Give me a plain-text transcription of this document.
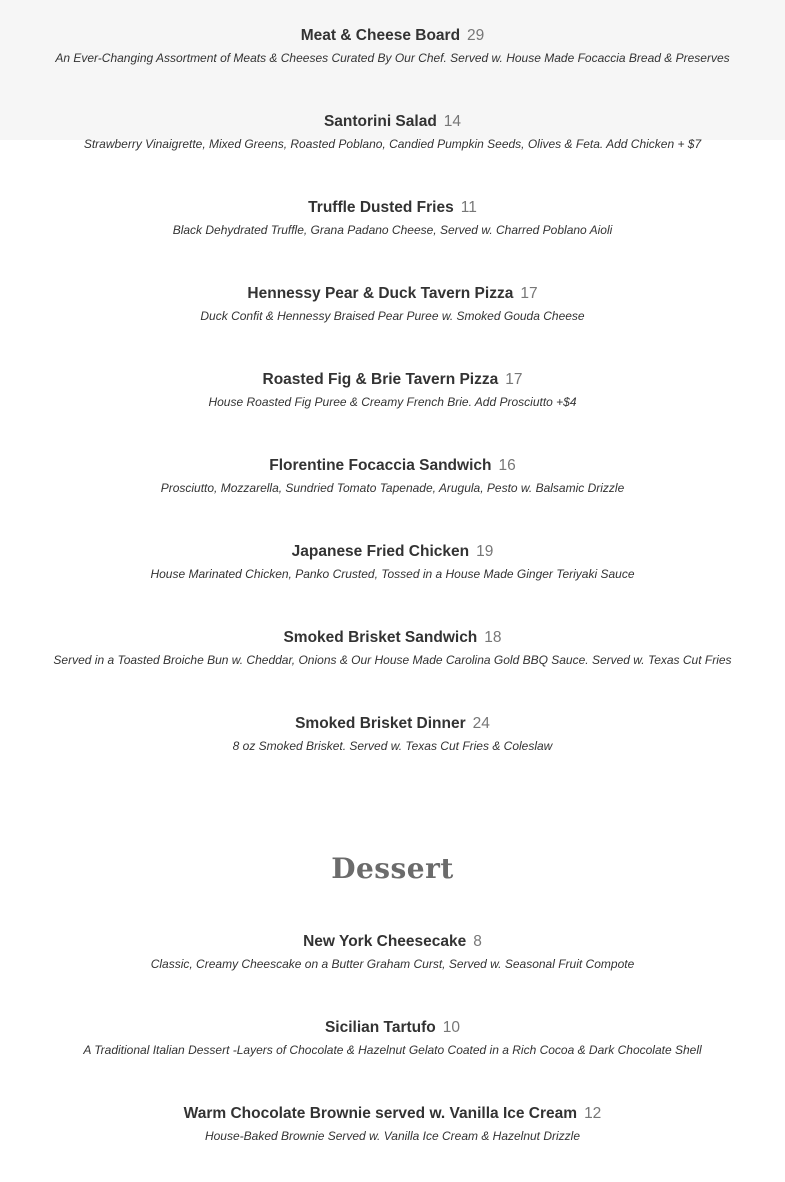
Meat & Cheese Board 29
An Ever-Changing Assortment of Meats & Cheeses Curated By Our Chef. Served w. House Made Focaccia Bread & Preserves
Santorini Salad 14
Strawberry Vinaigrette, Mixed Greens, Roasted Poblano, Candied Pumpkin Seeds, Olives & Feta. Add Chicken + $7
Truffle Dusted Fries 11
Black Dehydrated Truffle, Grana Padano Cheese, Served w. Charred Poblano Aioli
Hennessy Pear & Duck Tavern Pizza 17
Duck Confit & Hennessy Braised Pear Puree w. Smoked Gouda Cheese
Roasted Fig & Brie Tavern Pizza 17
House Roasted Fig Puree & Creamy French Brie. Add Prosciutto +$4
Florentine Focaccia Sandwich 16
Prosciutto, Mozzarella, Sundried Tomato Tapenade, Arugula, Pesto w. Balsamic Drizzle
Japanese Fried Chicken 19
House Marinated Chicken, Panko Crusted, Tossed in a House Made Ginger Teriyaki Sauce
Smoked Brisket Sandwich 18
Served in a Toasted Broiche Bun w. Cheddar, Onions & Our House Made Carolina Gold BBQ Sauce. Served w. Texas Cut Fries
Smoked Brisket Dinner 24
8 oz Smoked Brisket. Served w. Texas Cut Fries & Coleslaw
Dessert
New York Cheesecake 8
Classic, Creamy Cheescake on a Butter Graham Curst, Served w. Seasonal Fruit Compote
Sicilian Tartufo 10
A Traditional Italian Dessert -Layers of Chocolate & Hazelnut Gelato Coated in a Rich Cocoa & Dark Chocolate Shell
Warm Chocolate Brownie served w. Vanilla Ice Cream 12
House-Baked Brownie Served w. Vanilla Ice Cream & Hazelnut Drizzle
